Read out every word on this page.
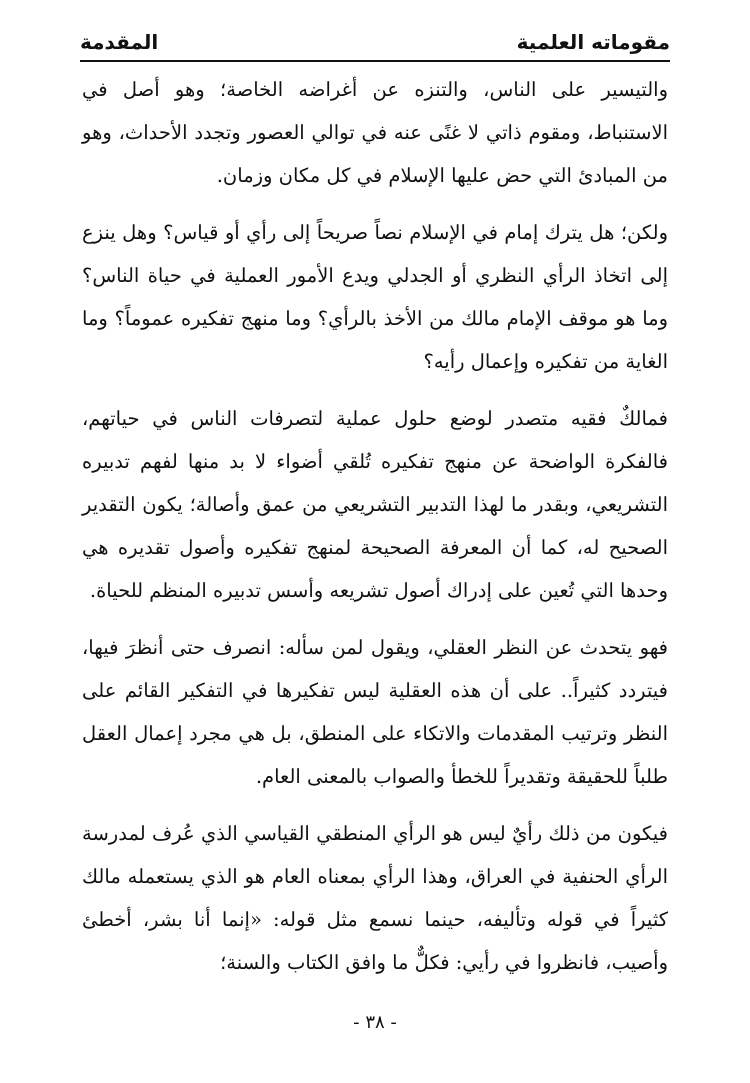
مقوماته العلمية
المقدمة

والتيسير على الناس، والتنزه عن أغراضه الخاصة؛ وهو أصل في الاستنباط، ومقوم ذاتي لا غنًى عنه في توالي العصور وتجدد الأحداث، وهو من المبادئ التي حض عليها الإسلام في كل مكان وزمان.

ولكن؛ هل يترك إمام في الإسلام نصاً صريحاً إلى رأي أو قياس؟ وهل ينزع إلى اتخاذ الرأي النظري أو الجدلي ويدع الأمور العملية في حياة الناس؟ وما هو موقف الإمام مالك من الأخذ بالرأي؟ وما منهج تفكيره عموماً؟ وما الغاية من تفكيره وإعمال رأيه؟

فمالكٌ فقيه متصدر لوضع حلول عملية لتصرفات الناس في حياتهم، فالفكرة الواضحة عن منهج تفكيره تُلقي أضواء لا بد منها لفهم تدبيره التشريعي، وبقدر ما لهذا التدبير التشريعي من عمق وأصالة؛ يكون التقدير الصحيح له، كما أن المعرفة الصحيحة لمنهج تفكيره وأصول تقديره هي وحدها التي تُعين على إدراك أصول تشريعه وأسس تدبيره المنظم للحياة.

فهو يتحدث عن النظر العقلي، ويقول لمن سأله: انصرف حتى أنظرَ فيها، فيتردد كثيراً.. على أن هذه العقلية ليس تفكيرها في التفكير القائم على النظر وترتيب المقدمات والاتكاء على المنطق، بل هي مجرد إعمال العقل طلباً للحقيقة وتقديراً للخطأ والصواب بالمعنى العام.

فيكون من ذلك رأيٌ ليس هو الرأي المنطقي القياسي الذي عُرف لمدرسة الرأي الحنفية في العراق، وهذا الرأي بمعناه العام هو الذي يستعمله مالك كثيراً في قوله وتأليفه، حينما نسمع مثل قوله: «إنما أنا بشر، أخطئ وأصيب، فانظروا في رأيي: فكلٌّ ما وافق الكتاب والسنة؛

- ٣٨ -
